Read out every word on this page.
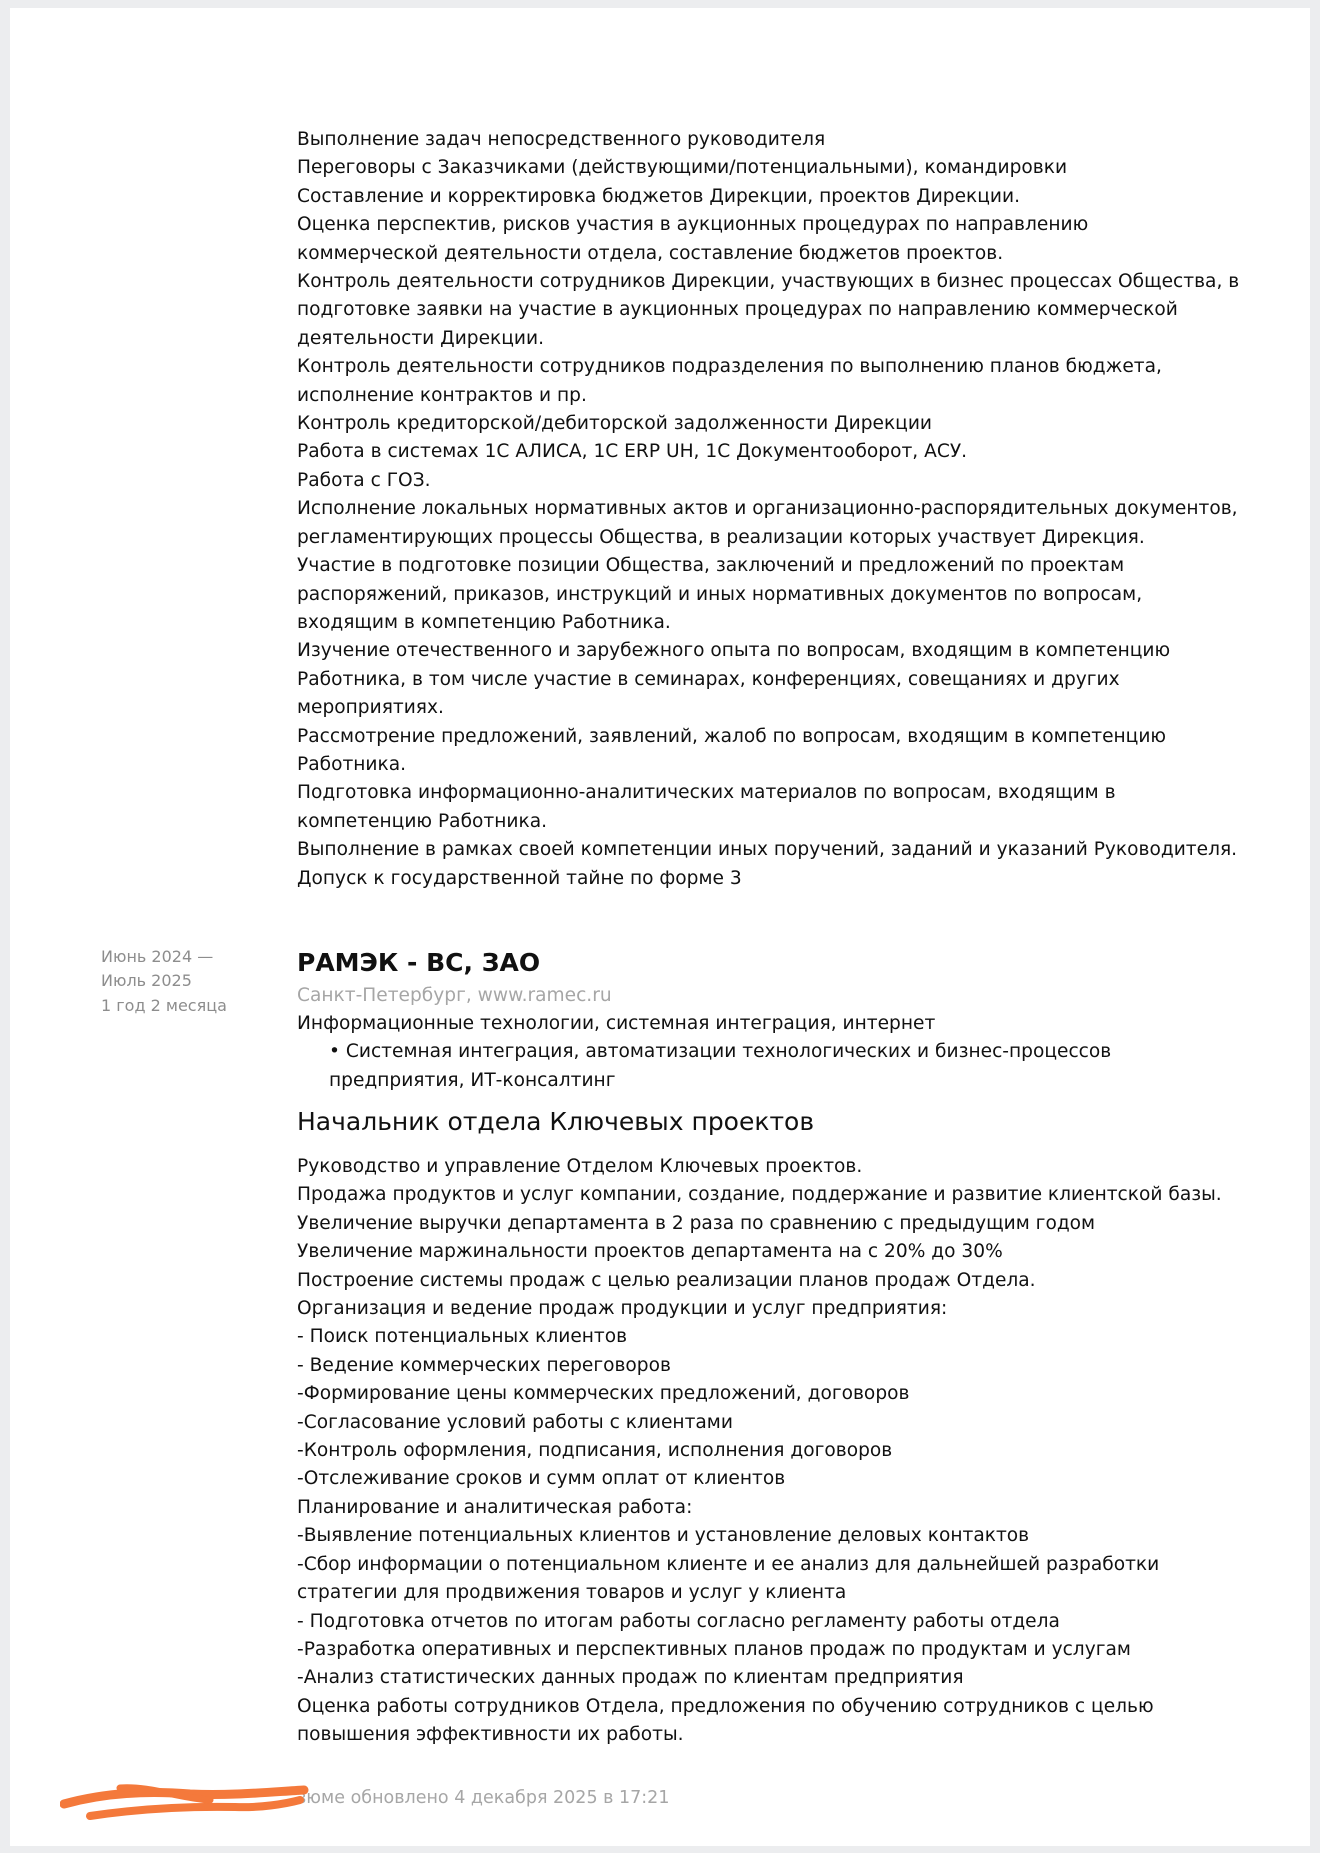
Выполнение задач непосредственного руководителя
Переговоры с Заказчиками (действующими/потенциальными), командировки
Составление и корректировка бюджетов Дирекции, проектов Дирекции.
Оценка перспектив, рисков участия в аукционных процедурах по направлению
коммерческой деятельности отдела, составление бюджетов проектов.
Контроль деятельности сотрудников Дирекции, участвующих в бизнес процессах Общества, в
подготовке заявки на участие в аукционных процедурах по направлению коммерческой
деятельности Дирекции.
Контроль деятельности сотрудников подразделения по выполнению планов бюджета,
исполнение контрактов и пр.
Контроль кредиторской/дебиторской задолженности Дирекции
Работа в системах 1С АЛИСА, 1С ERP UH, 1С Документооборот, АСУ.
Работа с ГОЗ.
Исполнение локальных нормативных актов и организационно-распорядительных документов,
регламентирующих процессы Общества, в реализации которых участвует Дирекция.
Участие в подготовке позиции Общества, заключений и предложений по проектам
распоряжений, приказов, инструкций и иных нормативных документов по вопросам,
входящим в компетенцию Работника.
Изучение отечественного и зарубежного опыта по вопросам, входящим в компетенцию
Работника, в том числе участие в семинарах, конференциях, совещаниях и других
мероприятиях.
Рассмотрение предложений, заявлений, жалоб по вопросам, входящим в компетенцию
Работника.
Подготовка информационно-аналитических материалов по вопросам, входящим в
компетенцию Работника.
Выполнение в рамках своей компетенции иных поручений, заданий и указаний Руководителя.
Допуск к государственной тайне по форме 3
Июнь 2024 —
Июль 2025
1 год 2 месяца
РАМЭК - ВС, ЗАО
Санкт-Петербург, www.ramec.ru
Информационные технологии, системная интеграция, интернет
• Системная интеграция, автоматизации технологических и бизнес-процессов
предприятия, ИТ-консалтинг
Начальник отдела Ключевых проектов
Руководство и управление Отделом Ключевых проектов.
Продажа продуктов и услуг компании, создание, поддержание и развитие клиентской базы.
Увеличение выручки департамента в 2 раза по сравнению с предыдущим годом
Увеличение маржинальности проектов департамента на с 20% до 30%
Построение системы продаж с целью реализации планов продаж Отдела.
Организация и ведение продаж продукции и услуг предприятия:
- Поиск потенциальных клиентов
- Ведение коммерческих переговоров
-Формирование цены коммерческих предложений, договоров
-Согласование условий работы с клиентами
-Контроль оформления, подписания, исполнения договоров
-Отслеживание сроков и сумм оплат от клиентов
Планирование и аналитическая работа:
-Выявление потенциальных клиентов и установление деловых контактов
-Сбор информации о потенциальном клиенте и ее анализ для дальнейшей разработки
стратегии для продвижения товаров и услуг у клиента
- Подготовка отчетов по итогам работы согласно регламенту работы отдела
-Разработка оперативных и перспективных планов продаж по продуктам и услугам
-Анализ статистических данных продаж по клиентам предприятия
Оценка работы сотрудников Отдела, предложения по обучению сотрудников с целью
повышения эффективности их работы.
зюме обновлено 4 декабря 2025 в 17:21
